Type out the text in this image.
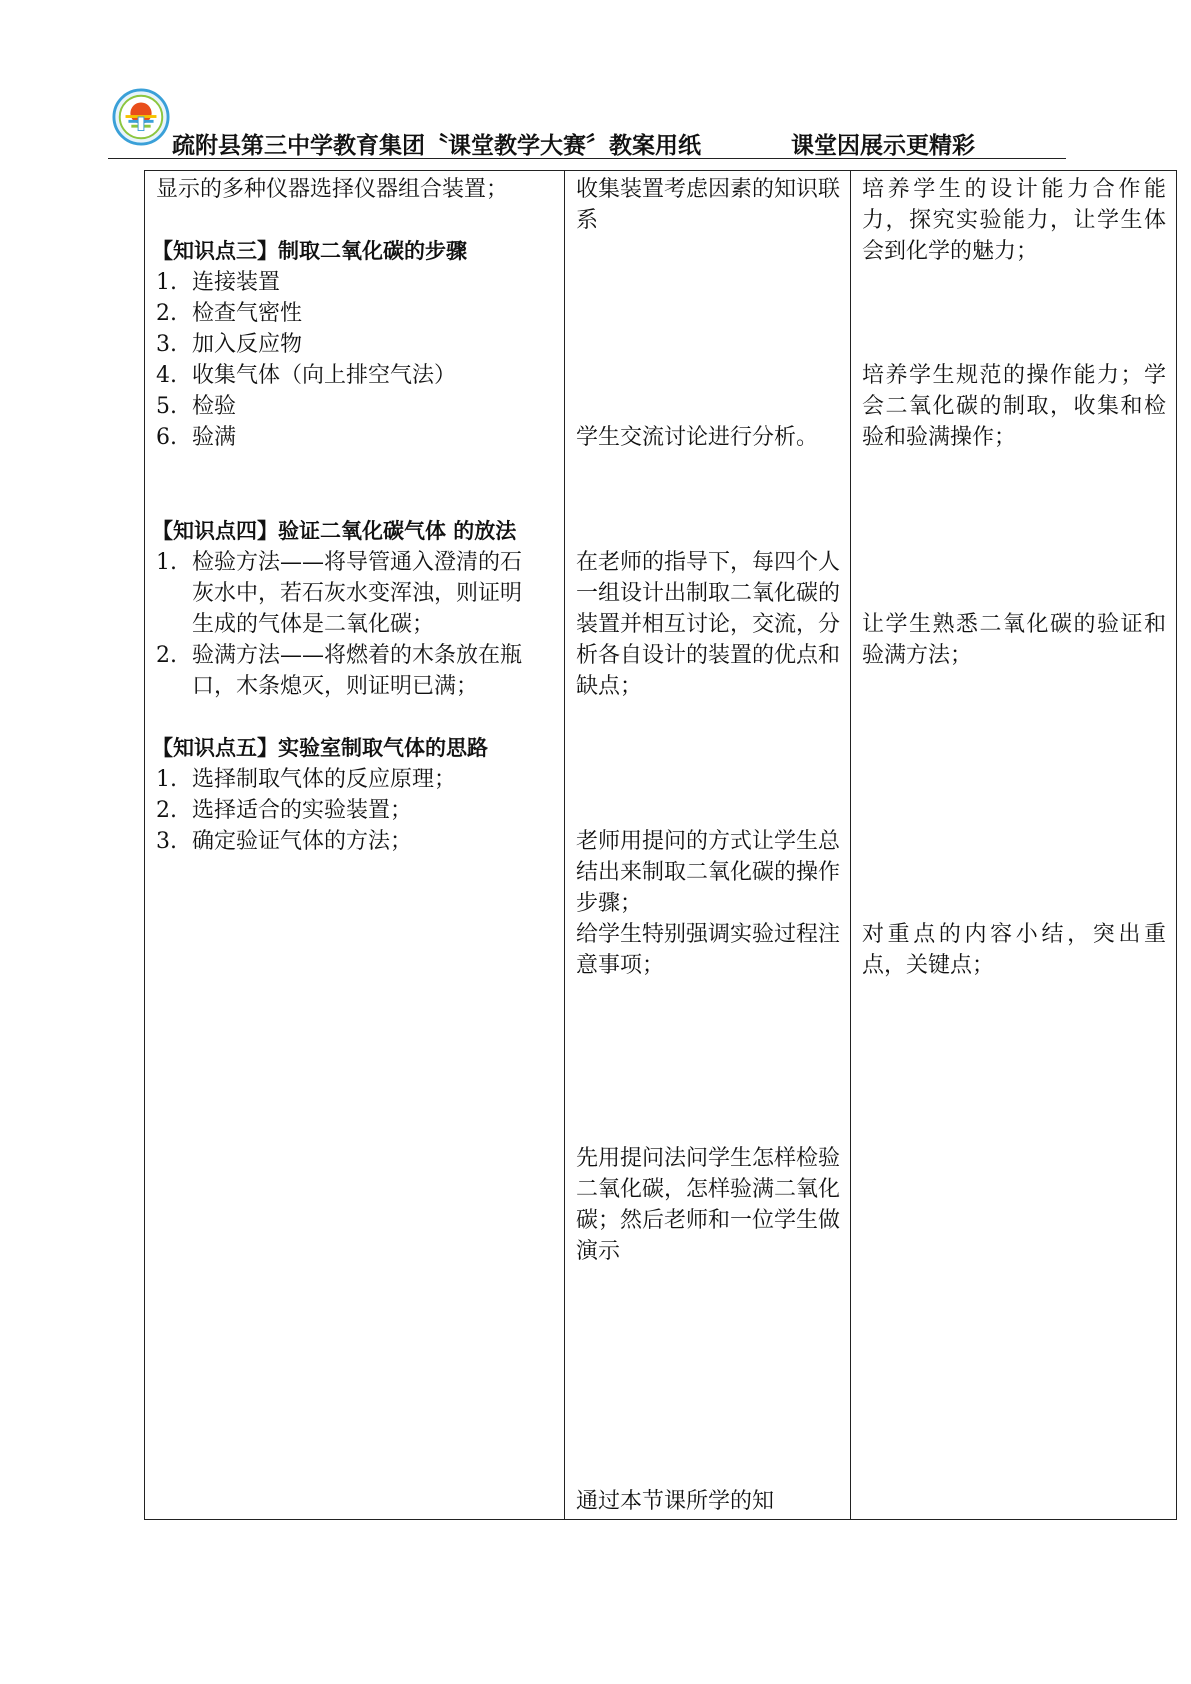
疏附县第三中学教育集团〝课堂教学大赛〞教案用纸	课堂因展示更精彩
显示的多种仪器选择仪器组合装置；
【知识点三】制取二氧化碳的步骤
1. 连接装置
2. 检查气密性
3. 加入反应物
4. 收集气体（向上排空气法）
5. 检验
6. 验满
【知识点四】验证二氧化碳气体 的放法
1. 检验方法——将导管通入澄清的石
灰水中，若石灰水变浑浊，则证明
生成的气体是二氧化碳；
2. 验满方法——将燃着的木条放在瓶
口，木条熄灭，则证明已满；
【知识点五】实验室制取气体的思路
1. 选择制取气体的反应原理；
2. 选择适合的实验装置；
3. 确定验证气体的方法；
收集装置考虑因素的知识联系
学生交流讨论进行分析。
在老师的指导下，每四个人一组设计出制取二氧化碳的装置并相互讨论，交流，分析各自设计的装置的优点和缺点；
老师用提问的方式让学生总结出来制取二氧化碳的操作步骤；
给学生特别强调实验过程注意事项；
先用提问法问学生怎样检验二氧化碳，怎样验满二氧化碳；然后老师和一位学生做演示
通过本节课所学的知
培养学生的设计能力合作能力，探究实验能力，让学生体会到化学的魅力；
培养学生规范的操作能力；学会二氧化碳的制取，收集和检验和验满操作；
让学生熟悉二氧化碳的验证和验满方法；
对重点的内容小结，突出重点，关键点；
